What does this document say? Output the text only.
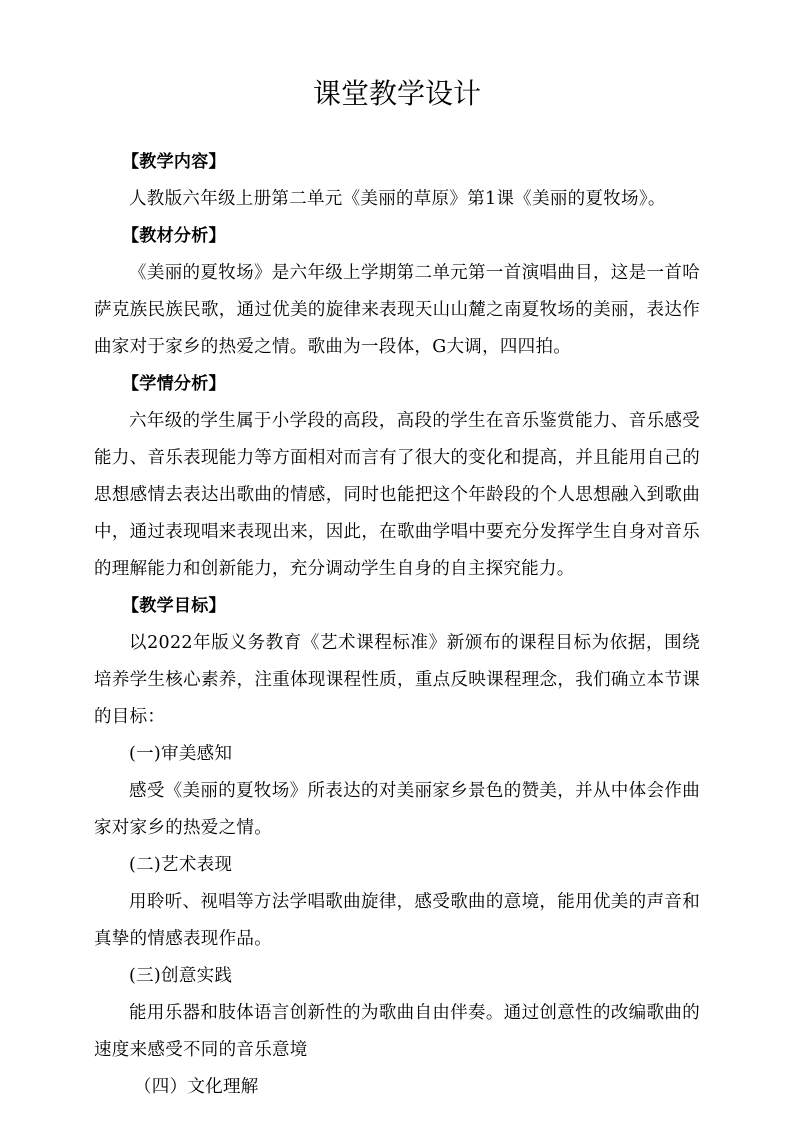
课堂教学设计

【教学内容】

人教版六年级上册第二单元《美丽的草原》第1课《美丽的夏牧场》。

【教材分析】

《美丽的夏牧场》是六年级上学期第二单元第一首演唱曲目，这是一首哈萨克族民族民歌，通过优美的旋律来表现天山山麓之南夏牧场的美丽，表达作曲家对于家乡的热爱之情。歌曲为一段体，G大调，四四拍。

【学情分析】

六年级的学生属于小学段的高段，高段的学生在音乐鉴赏能力、音乐感受能力、音乐表现能力等方面相对而言有了很大的变化和提高，并且能用自己的思想感情去表达出歌曲的情感，同时也能把这个年龄段的个人思想融入到歌曲中，通过表现唱来表现出来，因此，在歌曲学唱中要充分发挥学生自身对音乐的理解能力和创新能力，充分调动学生自身的自主探究能力。

【教学目标】

以2022年版义务教育《艺术课程标准》新颁布的课程目标为依据，围绕培养学生核心素养，注重体现课程性质，重点反映课程理念，我们确立本节课的目标：

(一)审美感知

感受《美丽的夏牧场》所表达的对美丽家乡景色的赞美，并从中体会作曲家对家乡的热爱之情。

(二)艺术表现

用聆听、视唱等方法学唱歌曲旋律，感受歌曲的意境，能用优美的声音和真挚的情感表现作品。

(三)创意实践

能用乐器和肢体语言创新性的为歌曲自由伴奏。通过创意性的改编歌曲的速度来感受不同的音乐意境

（四）文化理解
